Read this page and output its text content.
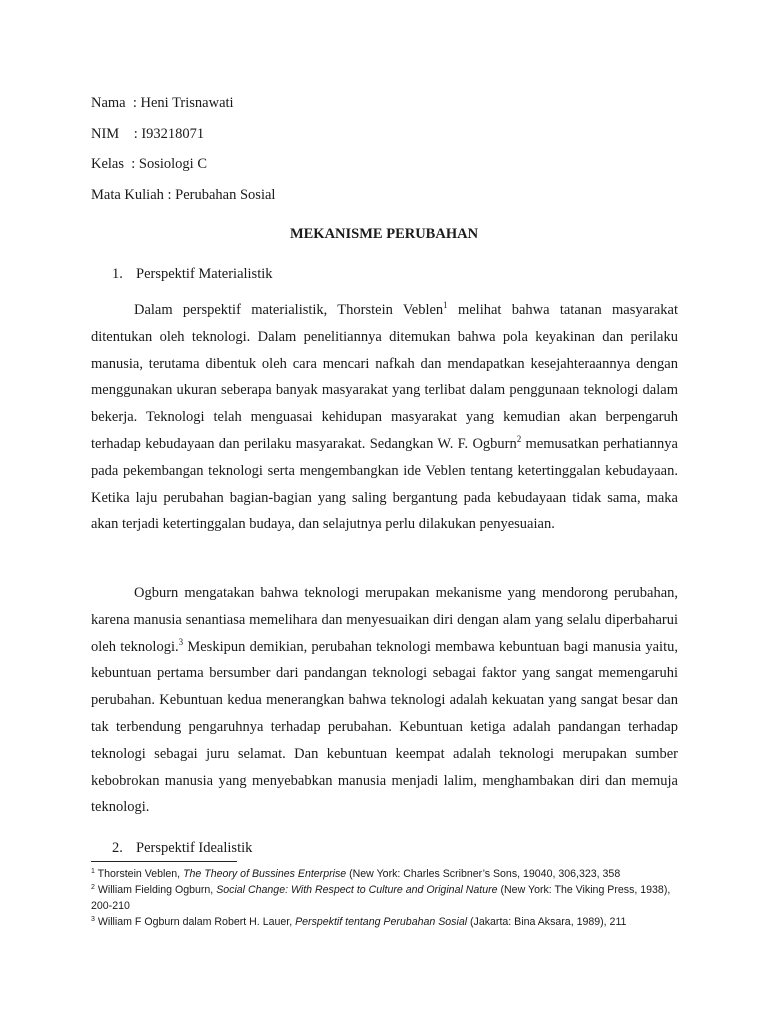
Nama  : Heni Trisnawati
NIM    : I93218071
Kelas  : Sosiologi C
Mata Kuliah : Perubahan Sosial
MEKANISME PERUBAHAN
1. Perspektif Materialistik

Dalam perspektif materialistik, Thorstein Veblen$^1$ melihat bahwa tatanan masyarakat ditentukan oleh teknologi. Dalam penelitiannya ditemukan bahwa pola keyakinan dan perilaku manusia, terutama dibentuk oleh cara mencari nafkah dan mendapatkan kesejahteraannya dengan menggunakan ukuran seberapa banyak masyarakat yang terlibat dalam penggunaan teknologi dalam bekerja. Teknologi telah menguasai kehidupan masyarakat yang kemudian akan berpengaruh terhadap kebudayaan dan perilaku masyarakat. Sedangkan W. F. Ogburn$^2$ memusatkan perhatiannya pada pekembangan teknologi serta mengembangkan ide Veblen tentang ketertinggalan kebudayaan. Ketika laju perubahan bagian-bagian yang saling bergantung pada kebudayaan tidak sama, maka akan terjadi ketertinggalan budaya, dan selajutnya perlu dilakukan penyesuaian.

Ogburn mengatakan bahwa teknologi merupakan mekanisme yang mendorong perubahan, karena manusia senantiasa memelihara dan menyesuaikan diri dengan alam yang selalu diperbaharui oleh teknologi.$^3$ Meskipun demikian, perubahan teknologi membawa kebuntuan bagi manusia yaitu, kebuntuan pertama bersumber dari pandangan teknologi sebagai faktor yang sangat memengaruhi perubahan. Kebuntuan kedua menerangkan bahwa teknologi adalah kekuatan yang sangat besar dan tak terbendung pengaruhnya terhadap perubahan. Kebuntuan ketiga adalah pandangan terhadap teknologi sebagai juru selamat. Dan kebuntuan keempat adalah teknologi merupakan sumber kebobrokan manusia yang menyebabkan manusia menjadi lalim, menghambakan diri dan memuja teknologi.

2. Perspektif Idealistik

$^1$ Thorstein Veblen, The Theory of Bussines Enterprise (New York: Charles Scribner’s Sons, 19040, 306,323, 358

$^2$ William Fielding Ogburn, Social Change: With Respect to Culture and Original Nature (New York: The Viking Press, 1938), 200-210

$^3$ William F Ogburn dalam Robert H. Lauer, Perspektif tentang Perubahan Sosial (Jakarta: Bina Aksara, 1989), 211
